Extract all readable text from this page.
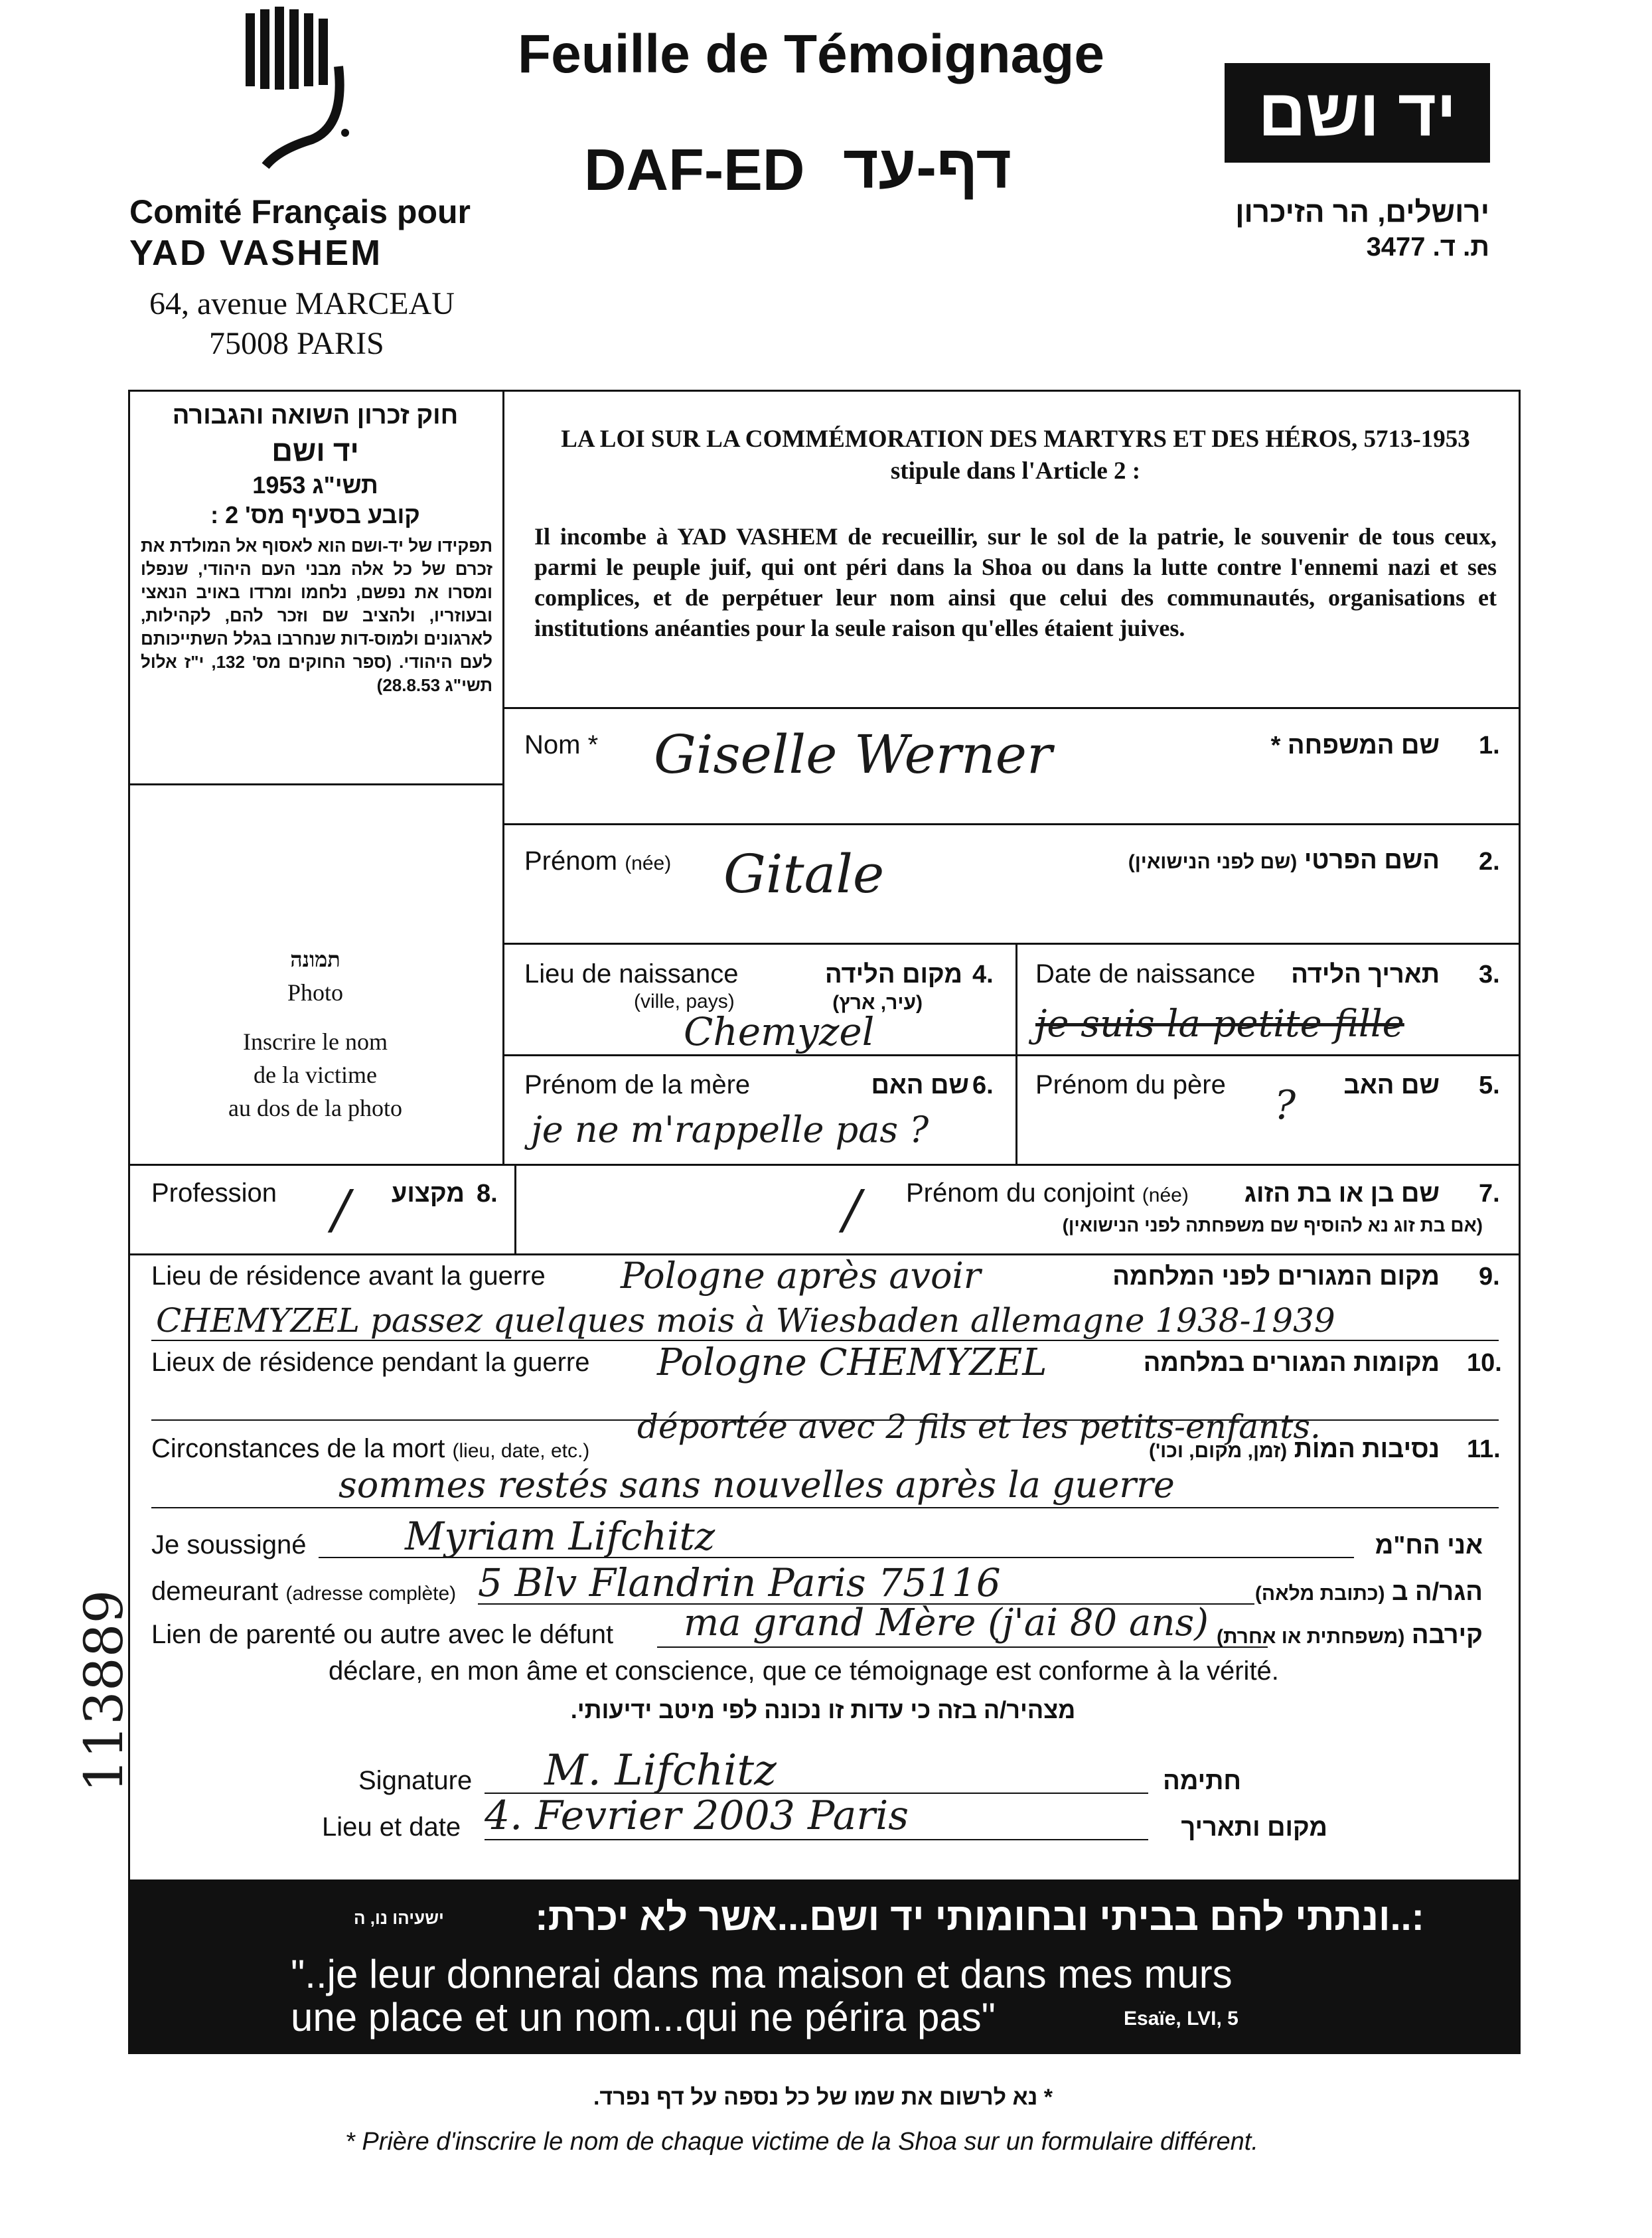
Comité Français pour
YAD VASHEM
64, avenue MARCEAU
75008 PARIS
Feuille de Témoignage
DAF-ED דף-עד
יד ושם
ירושלים, הר הזיכרון
ת. ד. 3477
חוק זכרון השואה והגבורה
יד ושם
תשי"ג 1953
קובע בסעיף מס' 2 :
תפקידו של יד-ושם הוא לאסוף אל המולדת את זכרם של כל אלה מבני העם היהודי, שנפלו ומסרו את נפשם, נלחמו ומרדו באויב הנאצי ובעוזריו, ולהציב שם וזכר להם, לקהילות, לארגונים ולמוס-דות שנחרבו בגלל השתייכותם לעם היהודי. (ספר החוקים מס' 132, י"ז אלול תשי"ג 28.8.53)
LA LOI SUR LA COMMÉMORATION DES MARTYRS ET DES HÉROS, 5713-1953
stipule dans l'Article 2 :
Il incombe à YAD VASHEM de recueillir, sur le sol de la patrie, le souvenir de tous ceux, parmi le peuple juif, qui ont péri dans la Shoa ou dans la lutte contre l'ennemi nazi et ses complices, et de perpétuer leur nom ainsi que celui des communautés, organisations et institutions anéanties pour la seule raison qu'elles étaient juives.
תמונה
Photo
Inscrire le nom
de la victime
au dos de la photo
Nom *	שם המשפחה * 1.
Giselle Werner
Prénom (née)	השם הפרטי (שם לפני הנישואין)	2.
Gitale
Lieu de naissance
(ville, pays)
מקום הלידה
(עיר, ארץ)
4.
Chemyzel
Date de naissance תאריך הלידה 3.
je suis la petite fille
Prénom de la mère	שם האם 6.
je ne m'rappelle pas ?
Prénom du père	שם האב 5.
?
Profession	מקצוע 8.
/	Prénom du conjoint (née) שם בן או בת הזוג
(אם בת זוג נא להוסיף שם משפחתה לפני הנישואין)
7.
/
Lieu de résidence avant la guerre	מקום המגורים לפני המלחמה 9.
Pologne après avoir
CHEMYZEL passez quelques mois à Wiesbaden allemagne 1938-1939
Lieux de résidence pendant la guerre	מקומות המגורים במלחמה 10.
Pologne CHEMYZEL
Circonstances de la mort (lieu, date, etc.)	נסיבות המות (זמן, מקום, וכו')	11.
déportée avec 2 fils et les petits-enfants.
sommes restés sans nouvelles après la guerre
Je soussigné	אני הח"מ
Myriam Lifchitz
demeurant (adresse complète)	הגר/ה ב (כתובת מלאה)
5 Blv Flandrin Paris 75116
Lien de parenté ou autre avec le défunt	קירבה (משפחתית או אחרת)
ma grand Mère (j'ai 80 ans)
déclare, en mon âme et conscience, que ce témoignage est conforme à la vérité.
מצהיר/ה בזה כי עדות זו נכונה לפי מיטב ידיעותי.
Signature	חתימה
M. Lifchitz
Lieu et date	מקום ותאריך
4. Fevrier 2003 Paris
:..ונתתי להם בביתי ובחומותי יד ושם...אשר לא יכרת:
ישעיהו נו, ה
"..je leur donnerai dans ma maison et dans mes murs
une place et un nom...qui ne périra pas"	Esaïe, LVI, 5
* נא לרשום את שמו של כל נספה על דף נפרד.
* Prière d'inscrire le nom de chaque victime de la Shoa sur un formulaire différent.
113889
